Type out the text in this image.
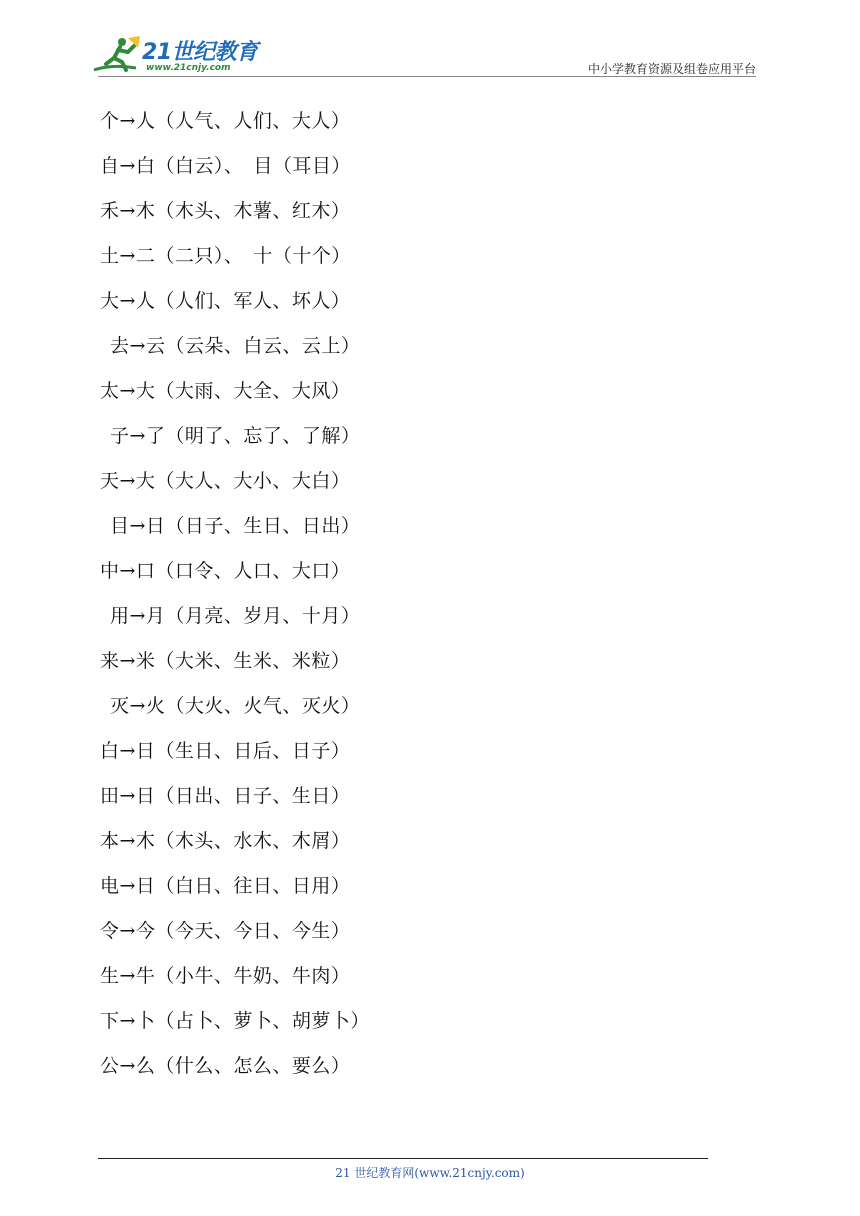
21世纪教育
www.21cnjy.com	中小学教育资源及组卷应用平台
个→人（人气、人们、大人）
自→白（白云）、　目（耳目）
禾→木（木头、木薯、红木）
土→二（二只）、　十（十个）
大→人（人们、军人、坏人）
去→云（云朵、白云、云上）
太→大（大雨、大全、大风）
子→了（明了、忘了、了解）
天→大（大人、大小、大白）
目→日（日子、生日、日出）
中→口（口令、人口、大口）
用→月（月亮、岁月、十月）
来→米（大米、生米、米粒）
灭→火（大火、火气、灭火）
白→日（生日、日后、日子）
田→日（日出、日子、生日）
本→木（木头、水木、木屑）
电→日（白日、往日、日用）
令→今（今天、今日、今生）
生→牛（小牛、牛奶、牛肉）
下→卜（占卜、萝卜、胡萝卜）
公→么（什么、怎么、要么）
21 世纪教育网(www.21cnjy.com)
